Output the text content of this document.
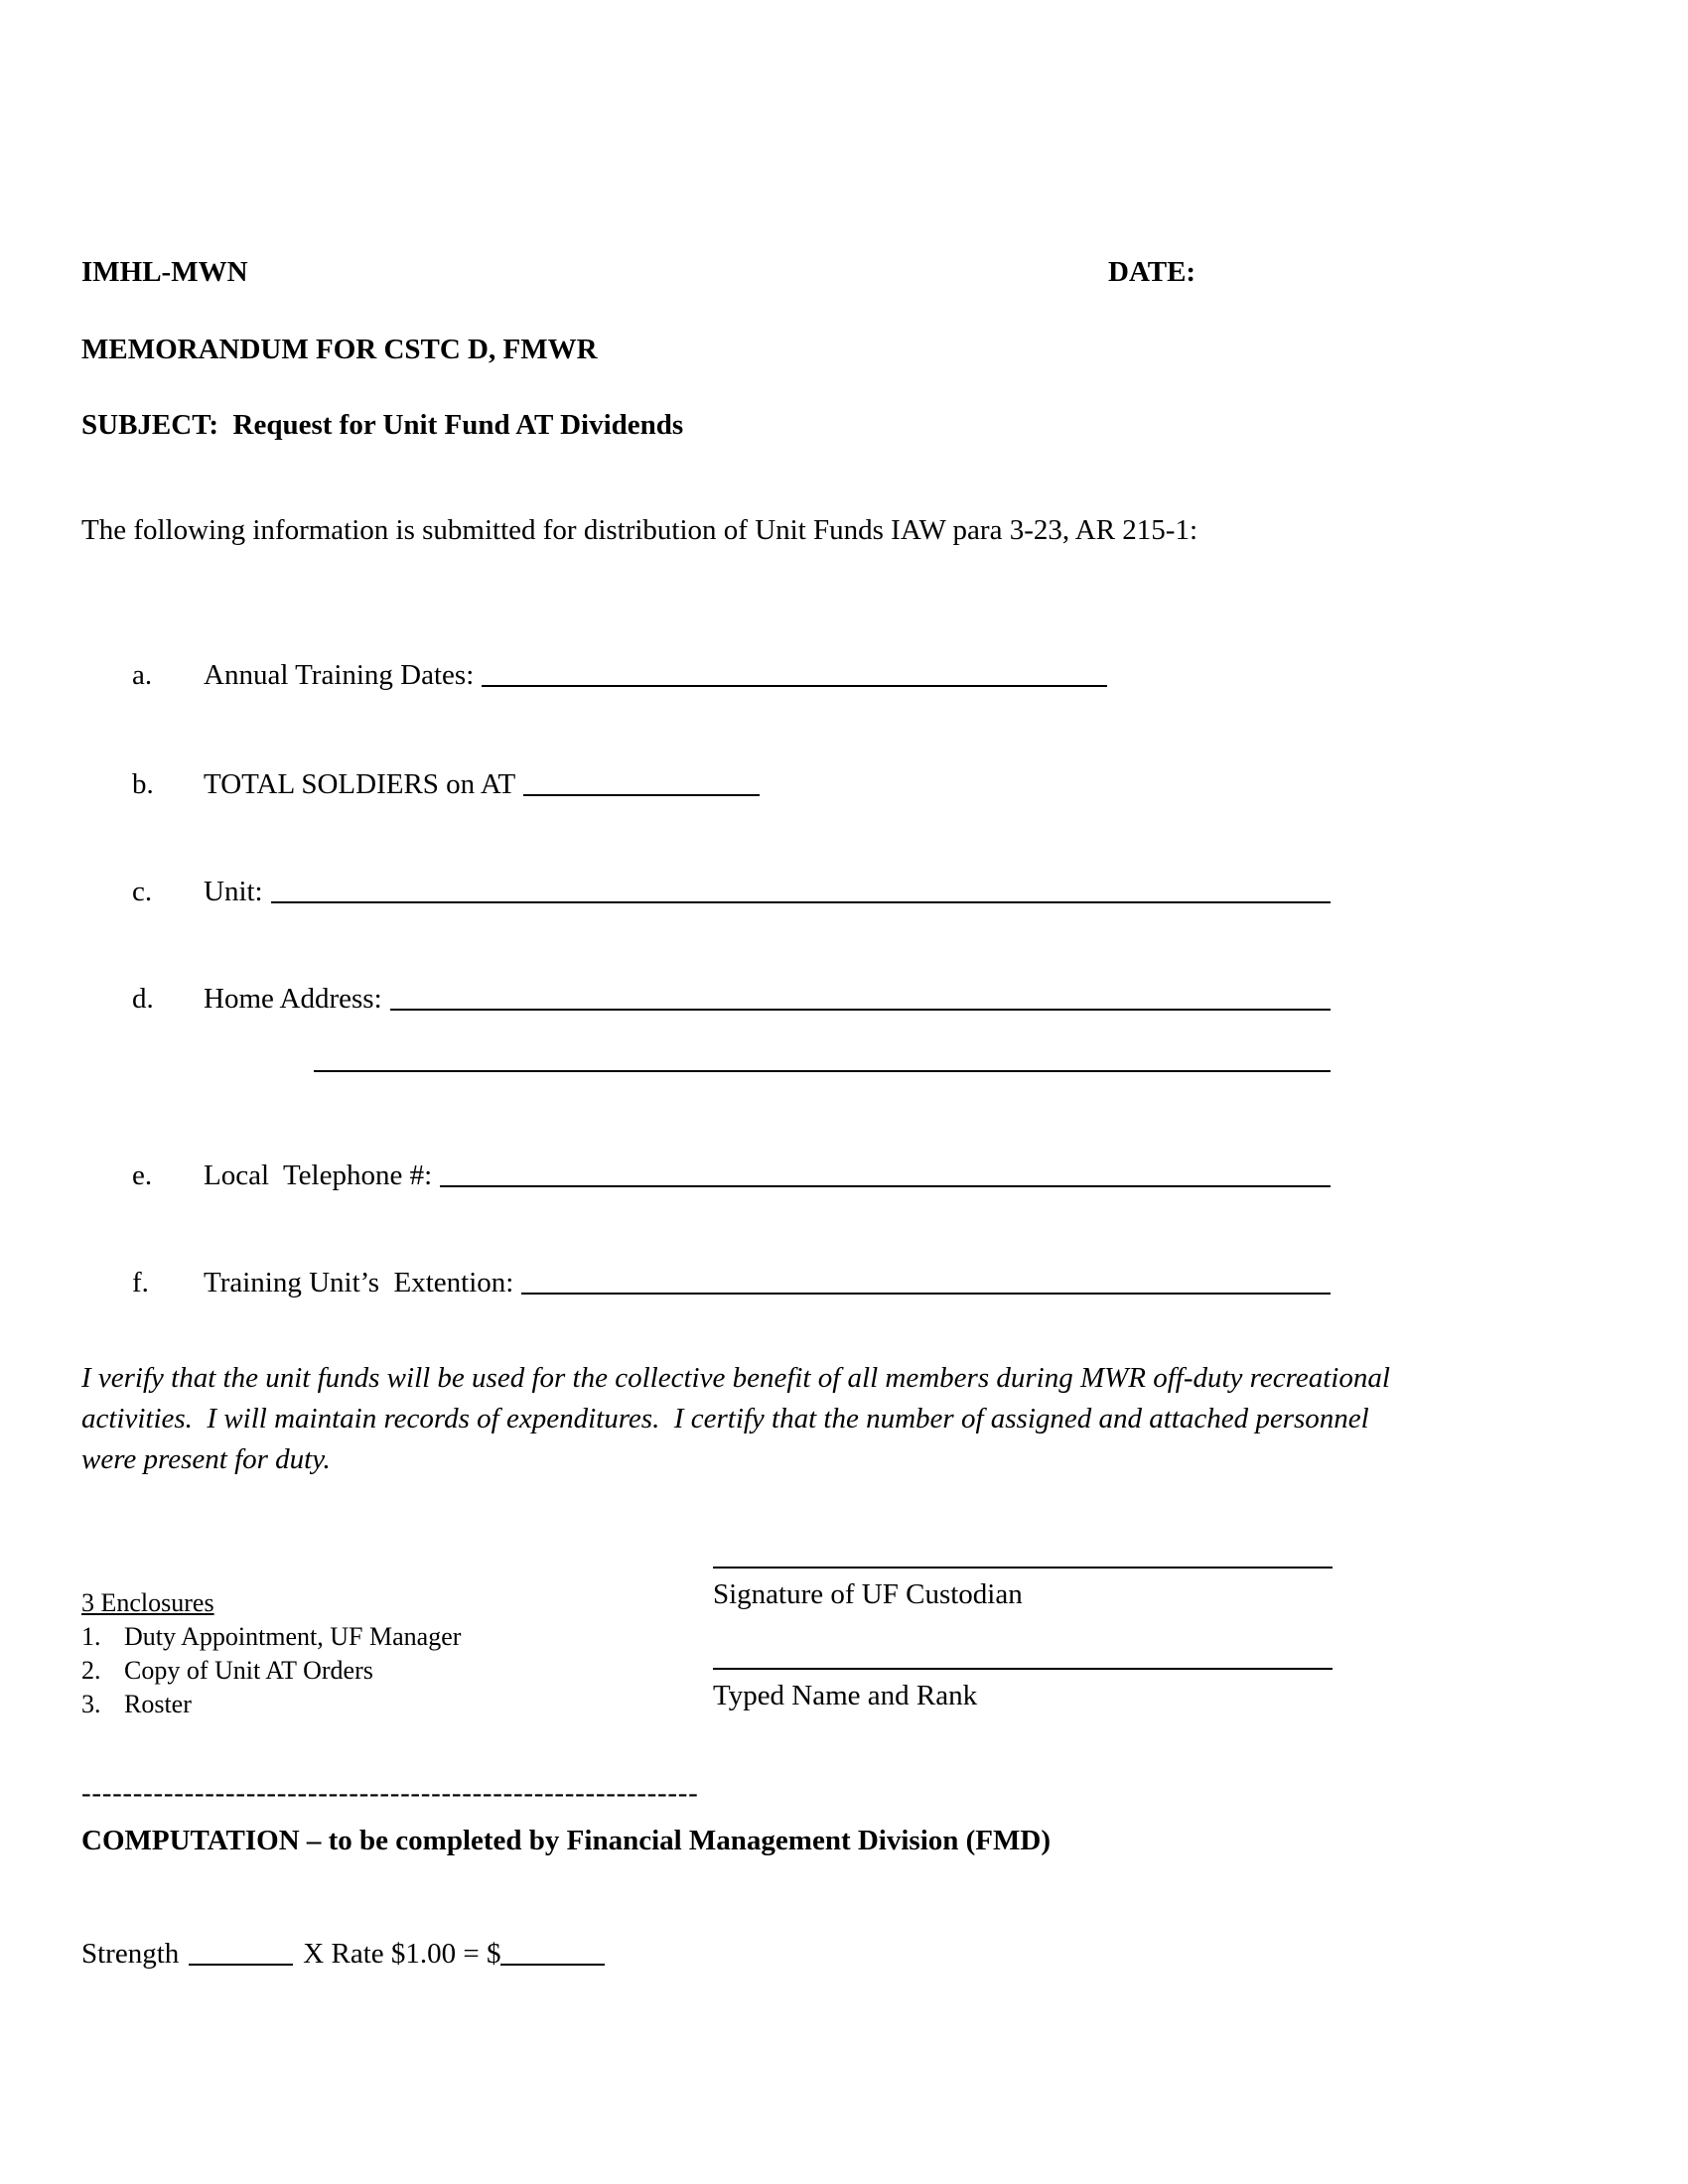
IMHL-MWN	DATE:
MEMORANDUM FOR CSTC D, FMWR
SUBJECT:  Request for Unit Fund AT Dividends
The following information is submitted for distribution of Unit Funds IAW para 3-23, AR 215-1:
a.	Annual Training Dates:
b.	TOTAL SOLDIERS on AT
c.	Unit:
d.	Home Address:
e.	Local  Telephone #:
f.	Training Unit’s  Extention:
I verify that the unit funds will be used for the collective benefit of all members during MWR off-duty recreational
activities.  I will maintain records of expenditures.  I certify that the number of assigned and attached personnel
were present for duty.
Signature of UF Custodian
3 Enclosures
1. Duty Appointment, UF Manager
2. Copy of Unit AT Orders
3. Roster	Typed Name and Rank
------------------------------------------------------------
COMPUTATION – to be completed by Financial Management Division (FMD)
Strength	X Rate $1.00 = $
